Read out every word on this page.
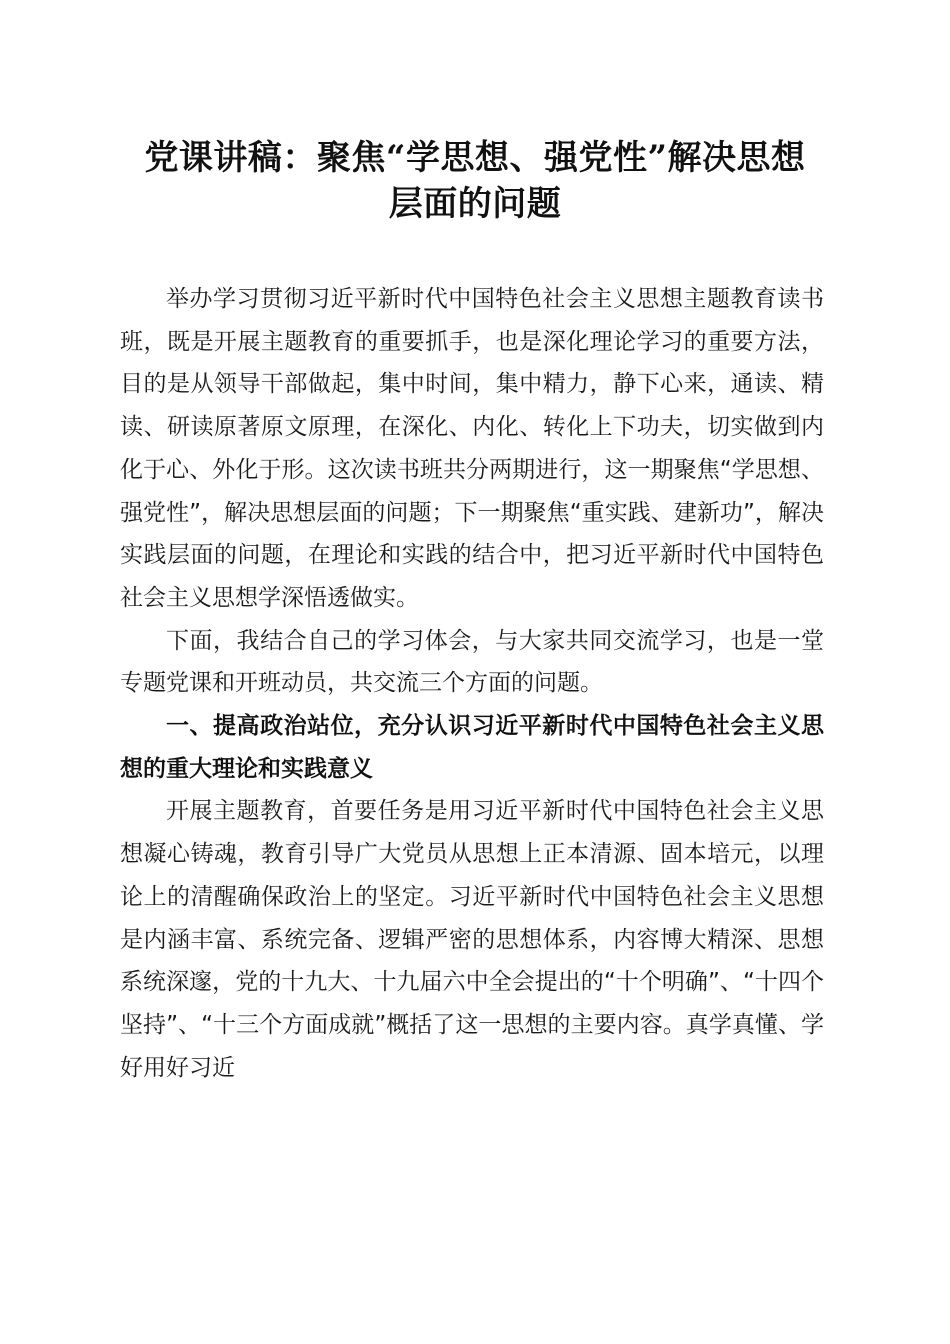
党课讲稿：聚焦“学思想、强党性”解决思想
层面的问题

举办学习贯彻习近平新时代中国特色社会主义思想主题教育读书班，既是开展主题教育的重要抓手，也是深化理论学习的重要方法，目的是从领导干部做起，集中时间，集中精力，静下心来，通读、精读、研读原著原文原理，在深化、内化、转化上下功夫，切实做到内化于心、外化于形。这次读书班共分两期进行，这一期聚焦“学思想、强党性”，解决思想层面的问题；下一期聚焦“重实践、建新功”，解决实践层面的问题，在理论和实践的结合中，把习近平新时代中国特色社会主义思想学深悟透做实。

下面，我结合自己的学习体会，与大家共同交流学习，也是一堂专题党课和开班动员，共交流三个方面的问题。

一、提高政治站位，充分认识习近平新时代中国特色社会主义思想的重大理论和实践意义

开展主题教育，首要任务是用习近平新时代中国特色社会主义思想凝心铸魂，教育引导广大党员从思想上正本清源、固本培元，以理论上的清醒确保政治上的坚定。习近平新时代中国特色社会主义思想是内涵丰富、系统完备、逻辑严密的思想体系，内容博大精深、思想系统深邃，党的十九大、十九届六中全会提出的“十个明确”、“十四个坚持”、“十三个方面成就”概括了这一思想的主要内容。真学真懂、学好用好习近
